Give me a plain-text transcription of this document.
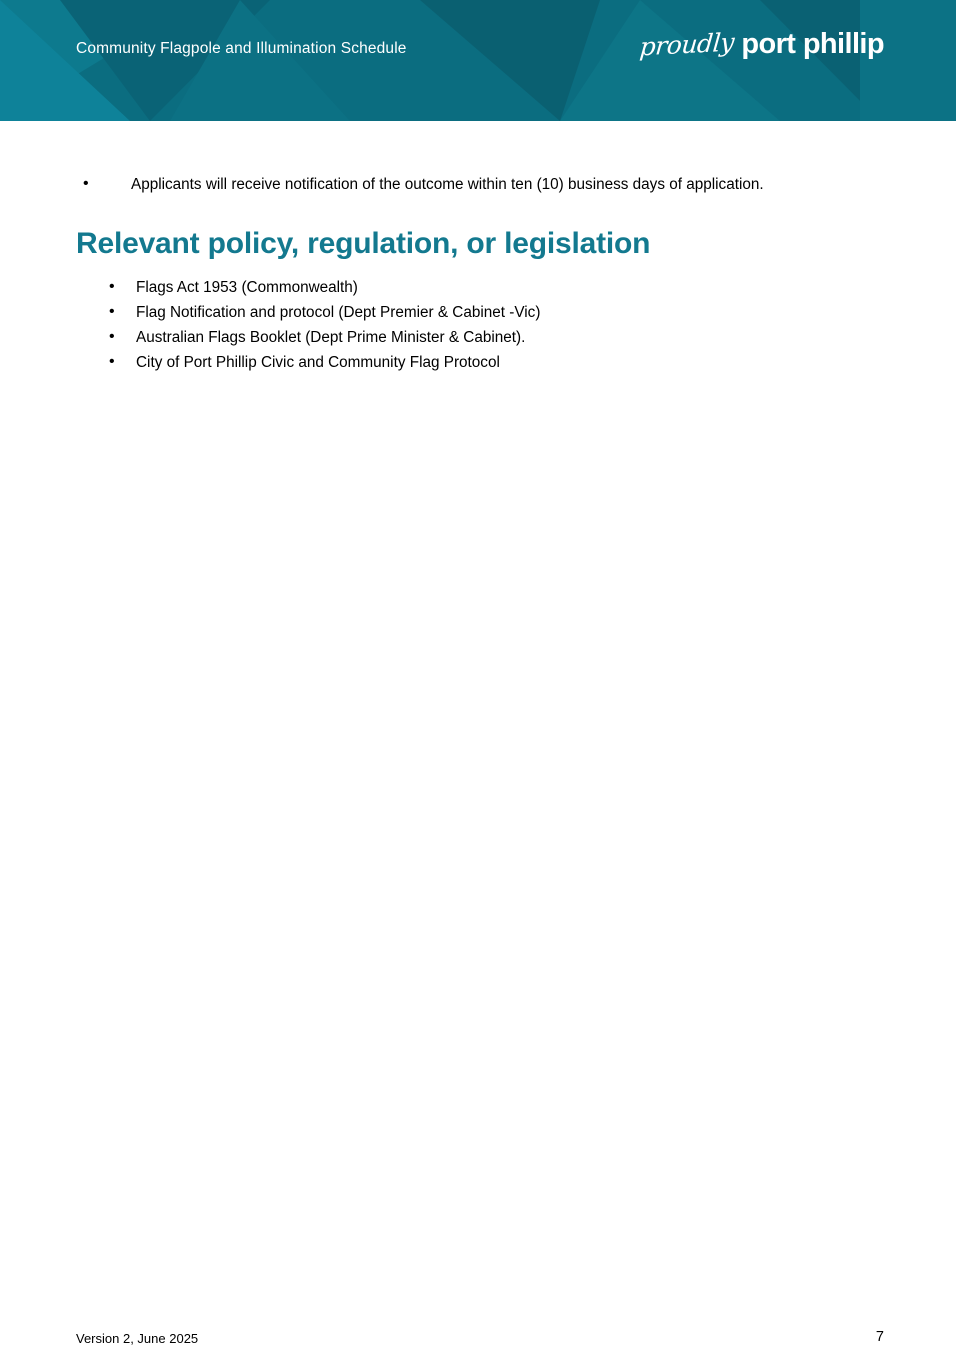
Community Flagpole and Illumination Schedule	proudly port phillip
•	Applicants will receive notification of the outcome within ten (10) business days of application.
Relevant policy, regulation, or legislation
• Flags Act 1953 (Commonwealth)
• Flag Notification and protocol (Dept Premier & Cabinet -Vic)
• Australian Flags Booklet (Dept Prime Minister & Cabinet).
• City of Port Phillip Civic and Community Flag Protocol
Version 2, June 2025	7
